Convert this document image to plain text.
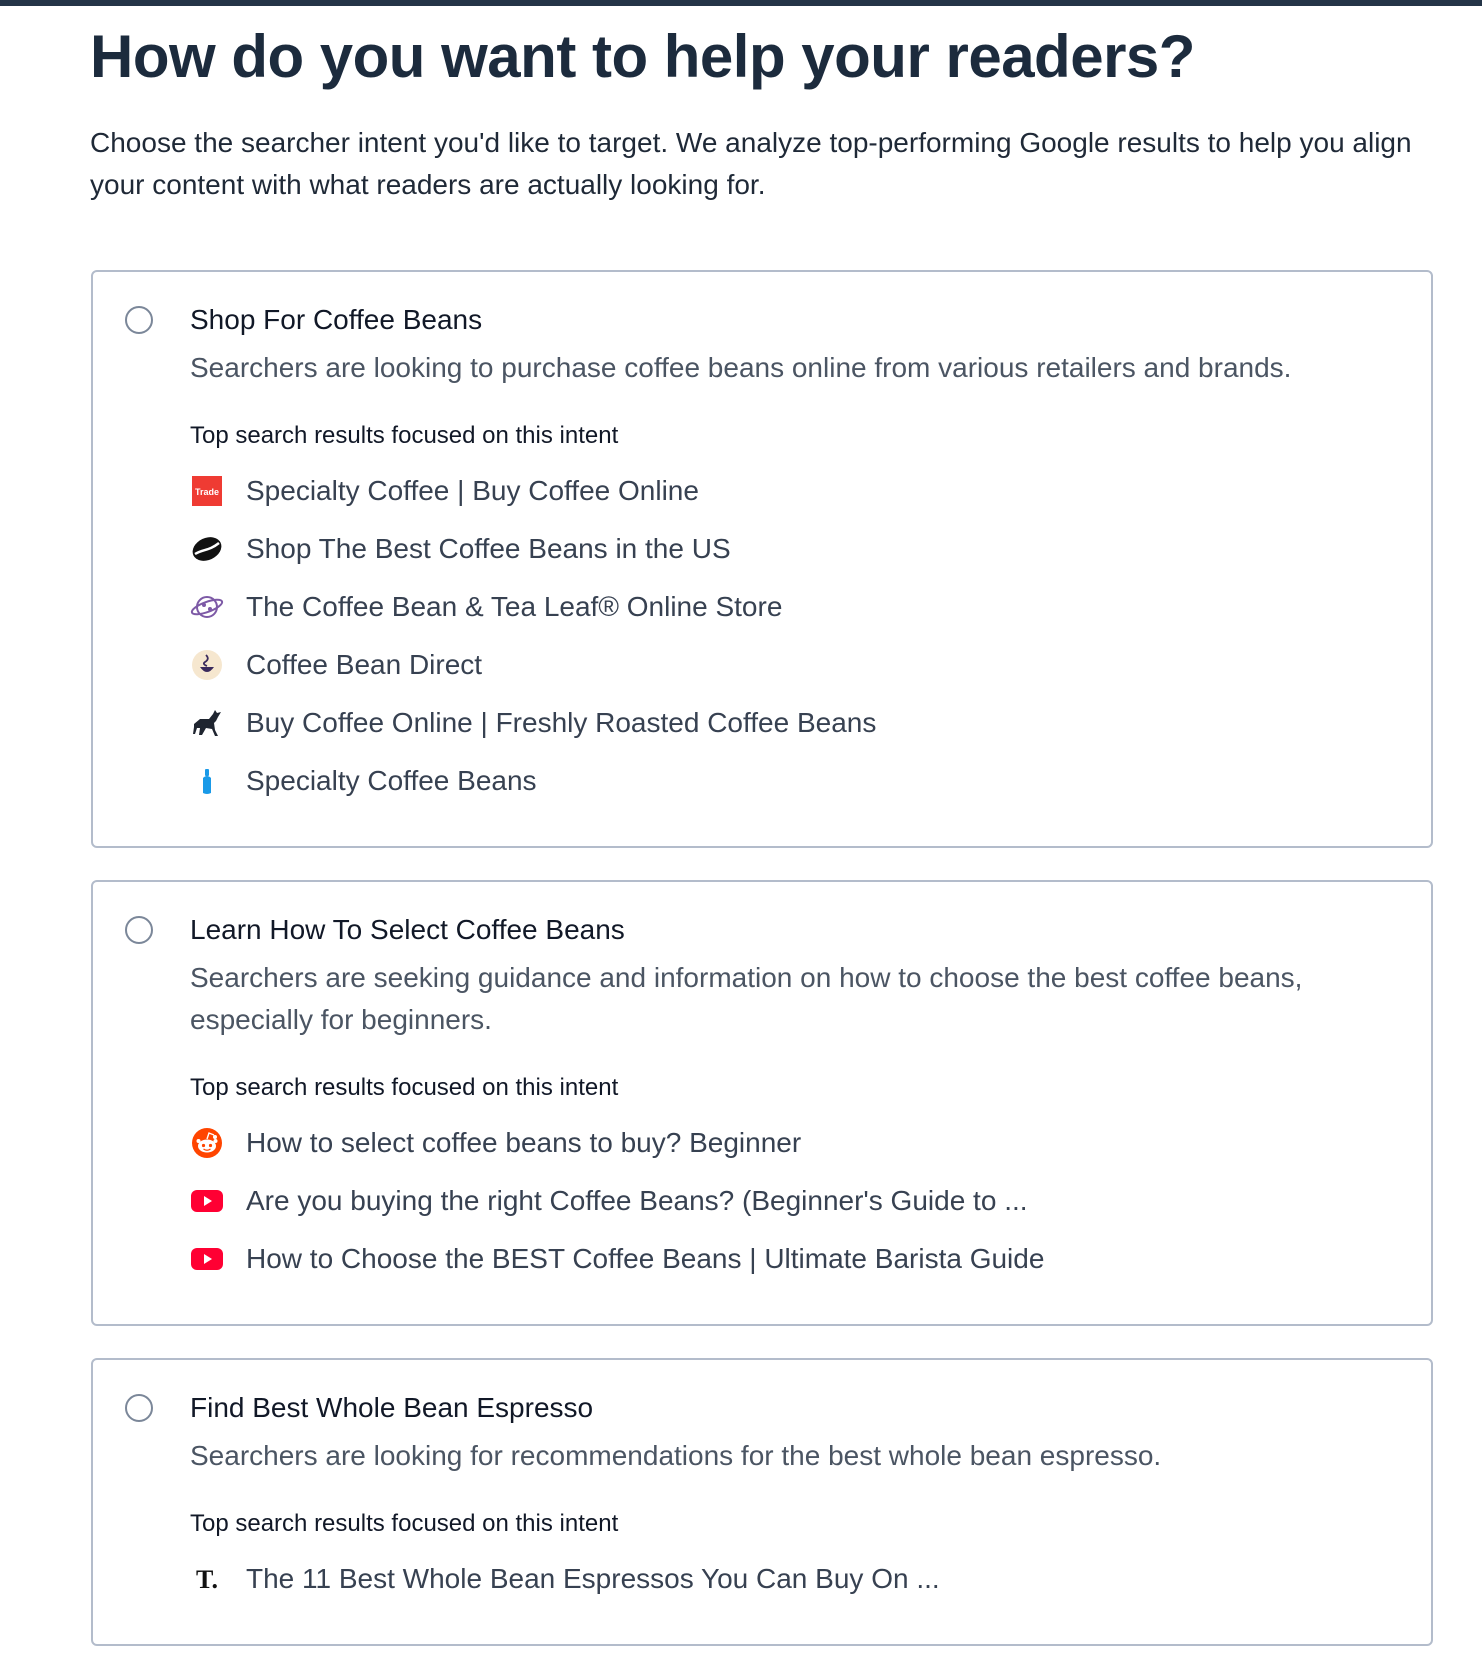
How do you want to help your readers?

Choose the searcher intent you'd like to target. We analyze top-performing Google results to help you align your content with what readers are actually looking for.

Shop For Coffee Beans

Searchers are looking to purchase coffee beans online from various retailers and brands.

Top search results focused on this intent

Trade Specialty Coffee | Buy Coffee Online
Shop The Best Coffee Beans in the US
The Coffee Bean & Tea Leaf® Online Store
Coffee Bean Direct
Buy Coffee Online | Freshly Roasted Coffee Beans
Specialty Coffee Beans
Learn How To Select Coffee Beans

Searchers are seeking guidance and information on how to choose the best coffee beans, especially for beginners.

Top search results focused on this intent

How to select coffee beans to buy? Beginner
Are you buying the right Coffee Beans? (Beginner's Guide to ...
How to Choose the BEST Coffee Beans | Ultimate Barista Guide
Find Best Whole Bean Espresso

Searchers are looking for recommendations for the best whole bean espresso.

Top search results focused on this intent

T. The 11 Best Whole Bean Espressos You Can Buy On ...
